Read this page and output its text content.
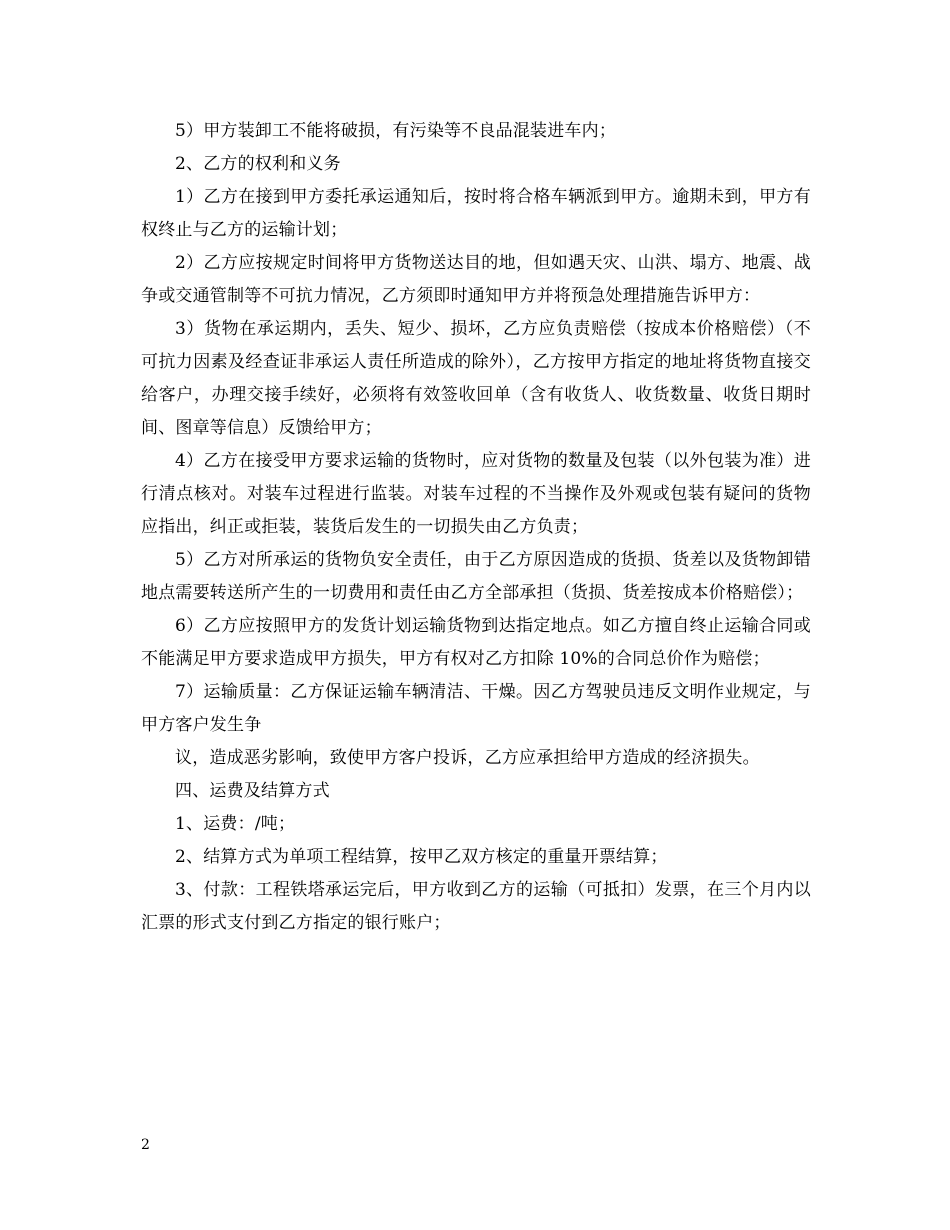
5）甲方装卸工不能将破损，有污染等不良品混装进车内；

2、乙方的权利和义务

1）乙方在接到甲方委托承运通知后，按时将合格车辆派到甲方。逾期未到，甲方有权终止与乙方的运输计划；

2）乙方应按规定时间将甲方货物送达目的地，但如遇天灾、山洪、塌方、地震、战争或交通管制等不可抗力情况，乙方须即时通知甲方并将预急处理措施告诉甲方：

3）货物在承运期内，丢失、短少、损坏，乙方应负责赔偿（按成本价格赔偿）（不可抗力因素及经查证非承运人责任所造成的除外），乙方按甲方指定的地址将货物直接交给客户，办理交接手续好，必须将有效签收回单（含有收货人、收货数量、收货日期时间、图章等信息）反馈给甲方；

4）乙方在接受甲方要求运输的货物时，应对货物的数量及包装（以外包装为准）进行清点核对。对装车过程进行监装。对装车过程的不当操作及外观或包装有疑问的货物应指出，纠正或拒装，装货后发生的一切损失由乙方负责；

5）乙方对所承运的货物负安全责任，由于乙方原因造成的货损、货差以及货物卸错地点需要转送所产生的一切费用和责任由乙方全部承担（货损、货差按成本价格赔偿）；

6）乙方应按照甲方的发货计划运输货物到达指定地点。如乙方擅自终止运输合同或不能满足甲方要求造成甲方损失，甲方有权对乙方扣除 10%的合同总价作为赔偿；

7）运输质量：乙方保证运输车辆清洁、干燥。因乙方驾驶员违反文明作业规定，与甲方客户发生争

议，造成恶劣影响，致使甲方客户投诉，乙方应承担给甲方造成的经济损失。

四、运费及结算方式

1、运费：/吨；

2、结算方式为单项工程结算，按甲乙双方核定的重量开票结算；

3、付款：工程铁塔承运完后，甲方收到乙方的运输（可抵扣）发票，在三个月内以汇票的形式支付到乙方指定的银行账户；

2
